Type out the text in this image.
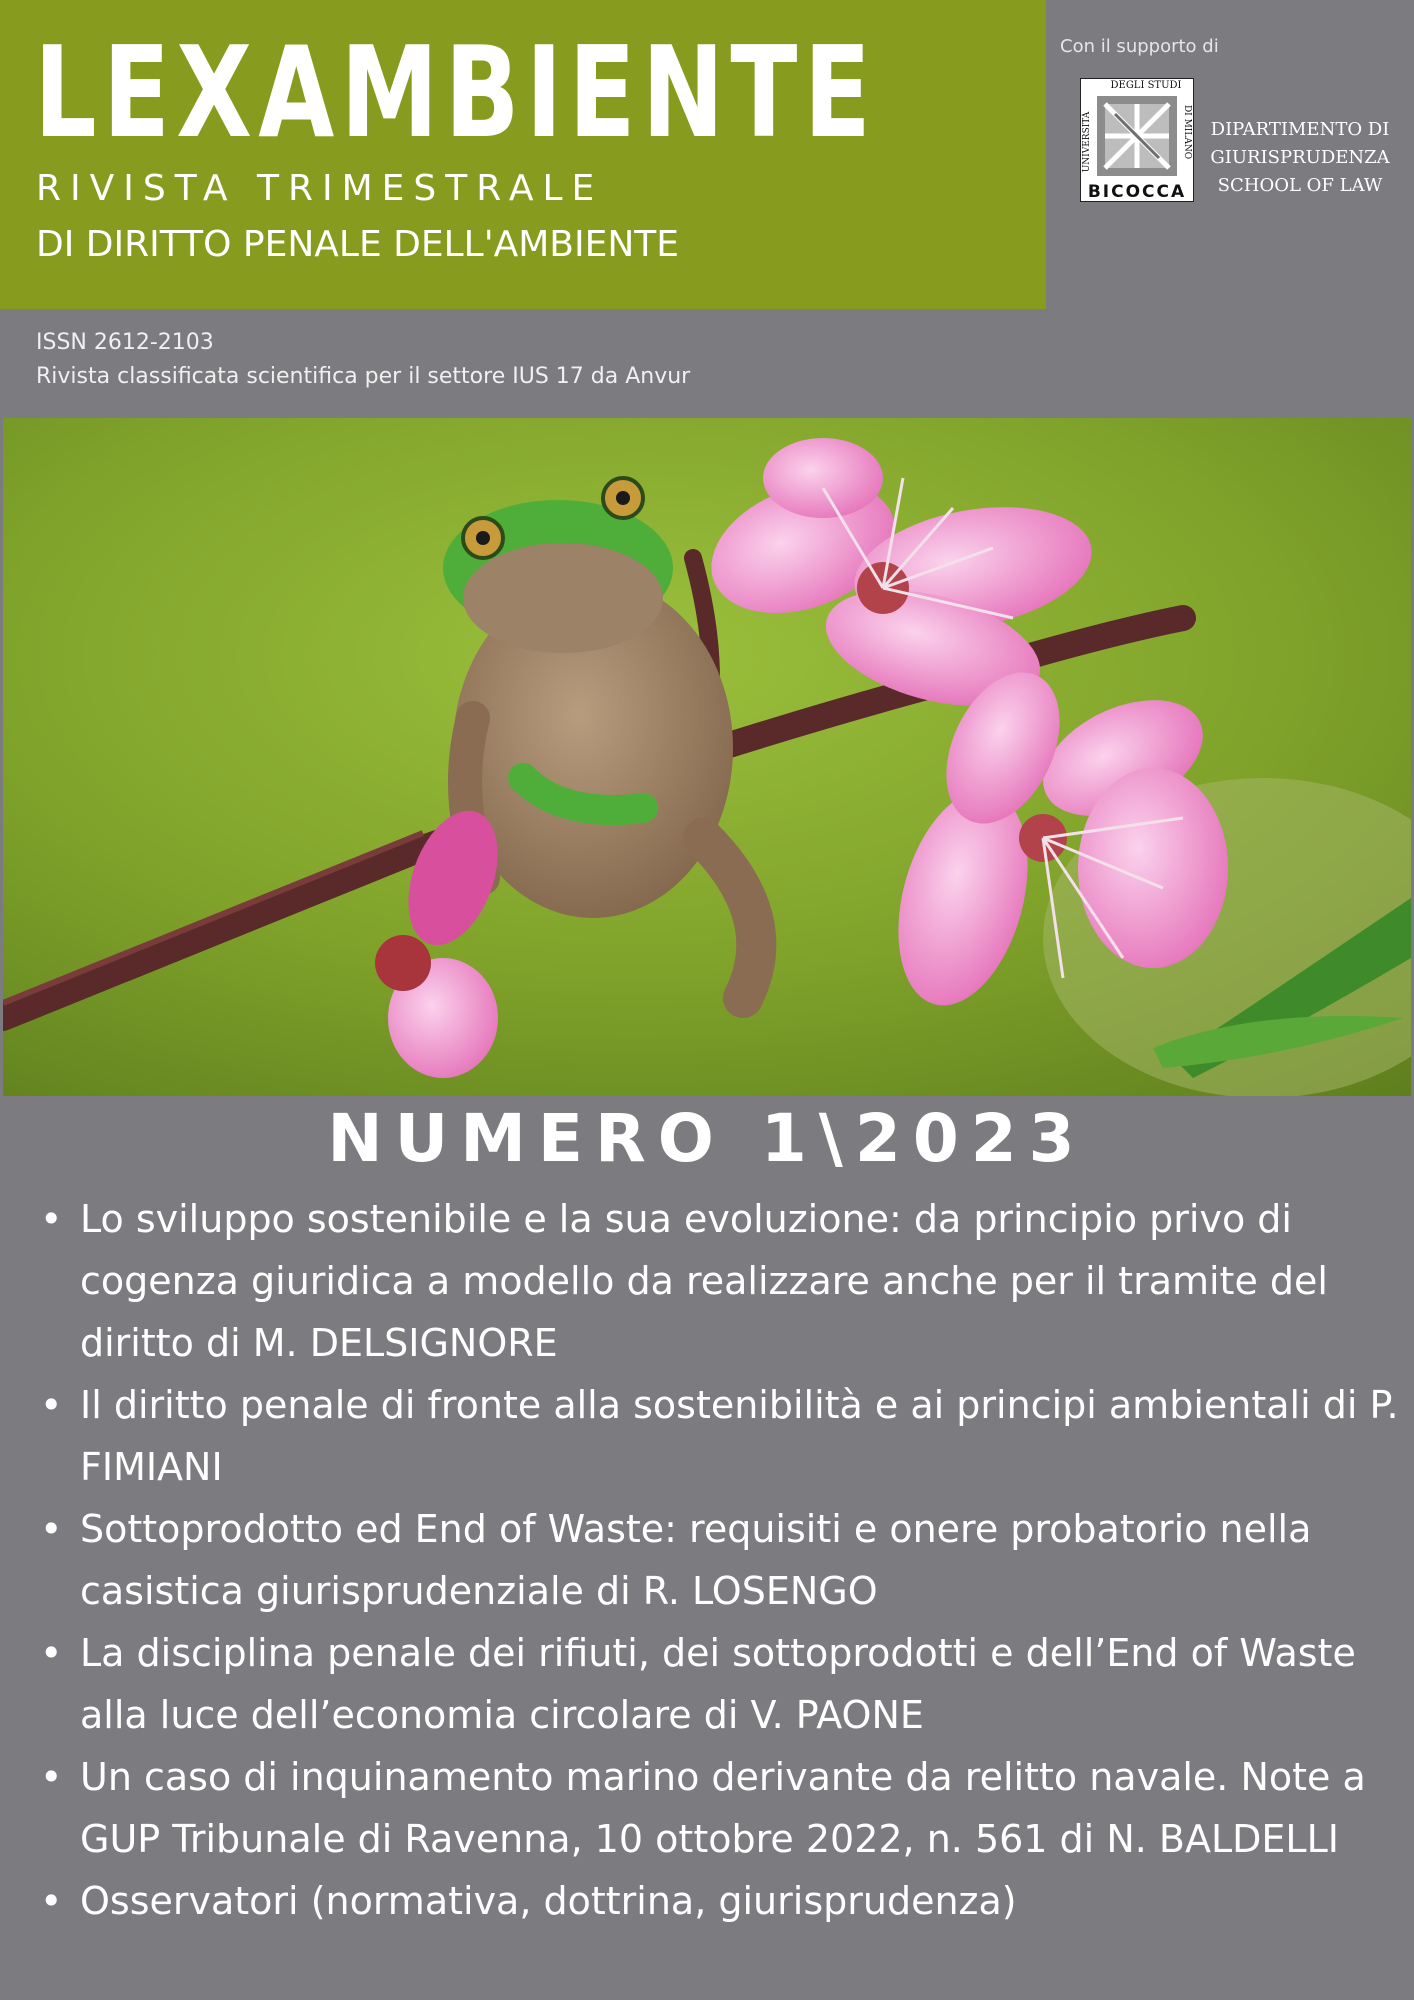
LEXAMBIENTE
RIVISTA TRIMESTRALE
DI DIRITTO PENALE DELL'AMBIENTE
Con il supporto di
DEGLI STUDI
UNIVERSITÀ	DI MILANO
BICOCCA
DIPARTIMENTO DI
GIURISPRUDENZA
SCHOOL OF LAW
ISSN 2612-2103
Rivista classificata scientifica per il settore IUS 17 da Anvur
NUMERO 1\2023
• Lo sviluppo sostenibile e la sua evoluzione: da principio privo di cogenza giuridica a modello da realizzare anche per il tramite del diritto di M. DELSIGNORE
• Il diritto penale di fronte alla sostenibilità e ai principi ambientali di P. FIMIANI
• Sottoprodotto ed End of Waste: requisiti e onere probatorio nella casistica giurisprudenziale di R. LOSENGO
• La disciplina penale dei rifiuti, dei sottoprodotti e dell’End of Waste alla luce dell’economia circolare di V. PAONE
• Un caso di inquinamento marino derivante da relitto navale. Note a GUP Tribunale di Ravenna, 10 ottobre 2022, n. 561 di N. BALDELLI
• Osservatori (normativa, dottrina, giurisprudenza)
